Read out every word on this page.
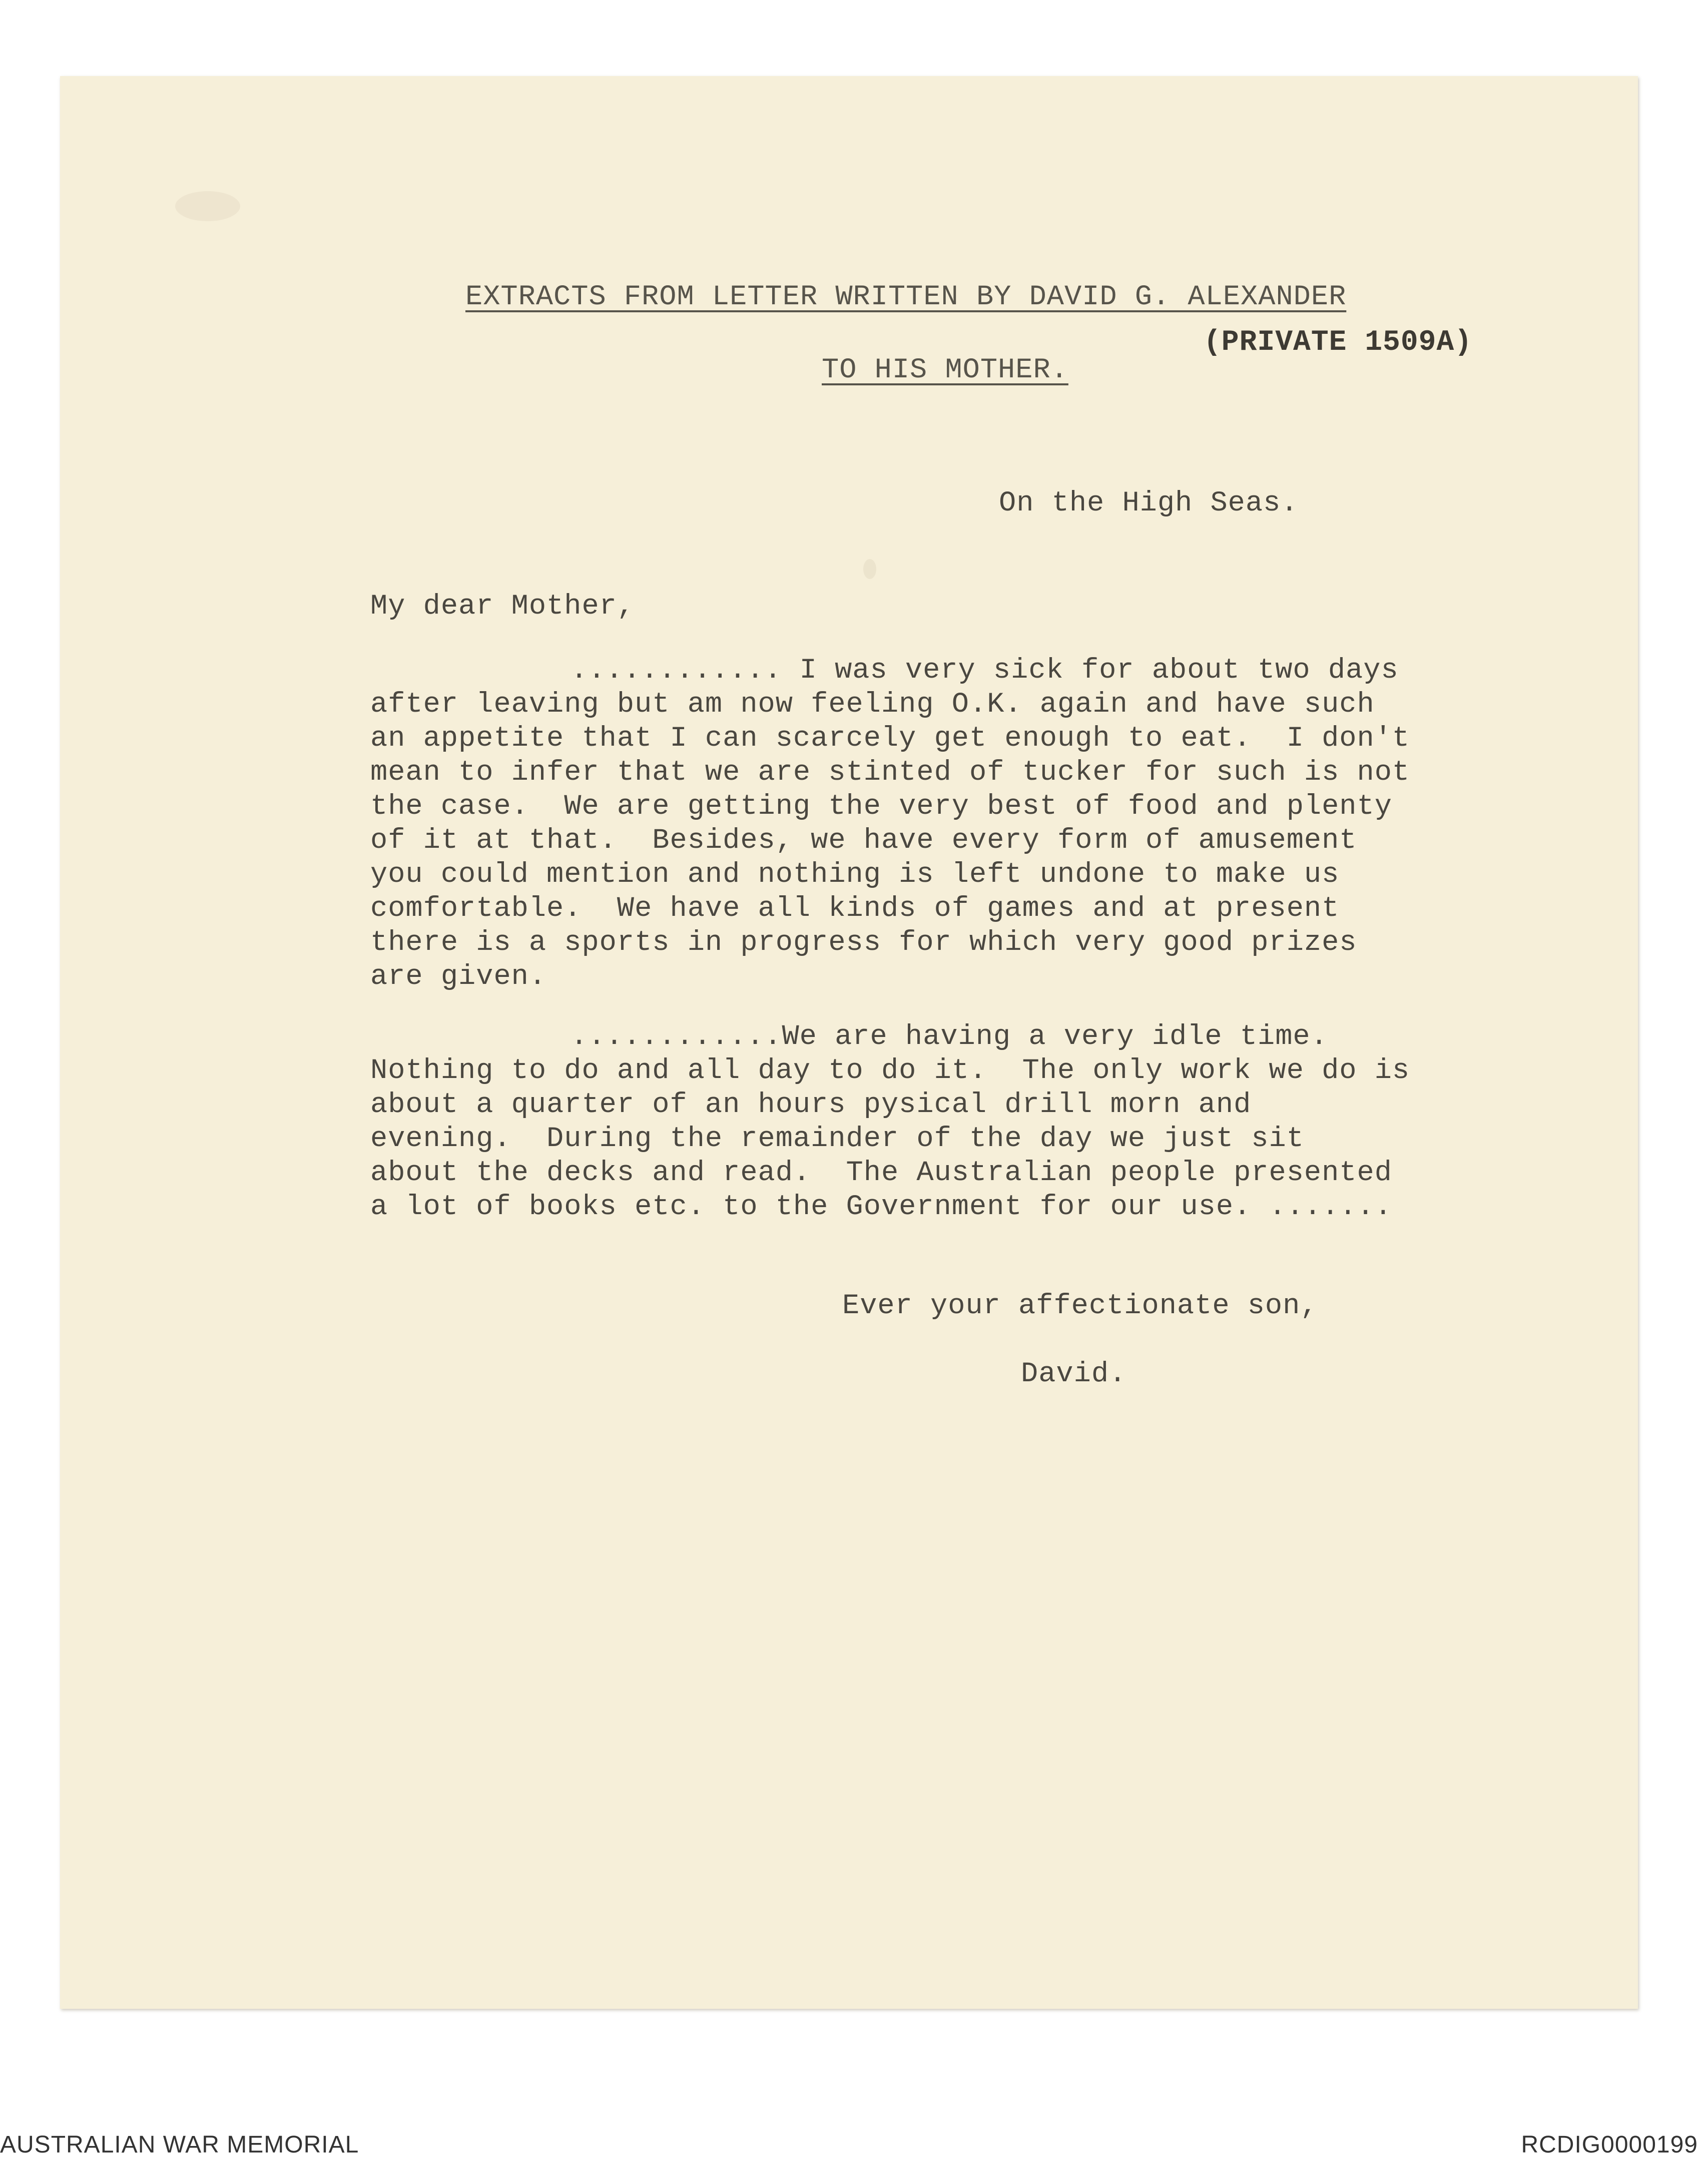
EXTRACTS FROM LETTER WRITTEN BY DAVID G. ALEXANDER
(PRIVATE 1509A)
TO HIS MOTHER.
On the High Seas.
My dear Mother,
............ I was very sick for about two days
after leaving but am now feeling O.K. again and have such
an appetite that I can scarcely get enough to eat.  I don't
mean to infer that we are stinted of tucker for such is not
the case.  We are getting the very best of food and plenty
of it at that.  Besides, we have every form of amusement
you could mention and nothing is left undone to make us
comfortable.  We have all kinds of games and at present
there is a sports in progress for which very good prizes
are given.
............We are having a very idle time.
Nothing to do and all day to do it.  The only work we do is
about a quarter of an hours pysical drill morn and
evening.  During the remainder of the day we just sit
about the decks and read.  The Australian people presented
a lot of books etc. to the Government for our use. .......
Ever your affectionate son,
David.
AUSTRALIAN WAR MEMORIAL	RCDIG0000199
